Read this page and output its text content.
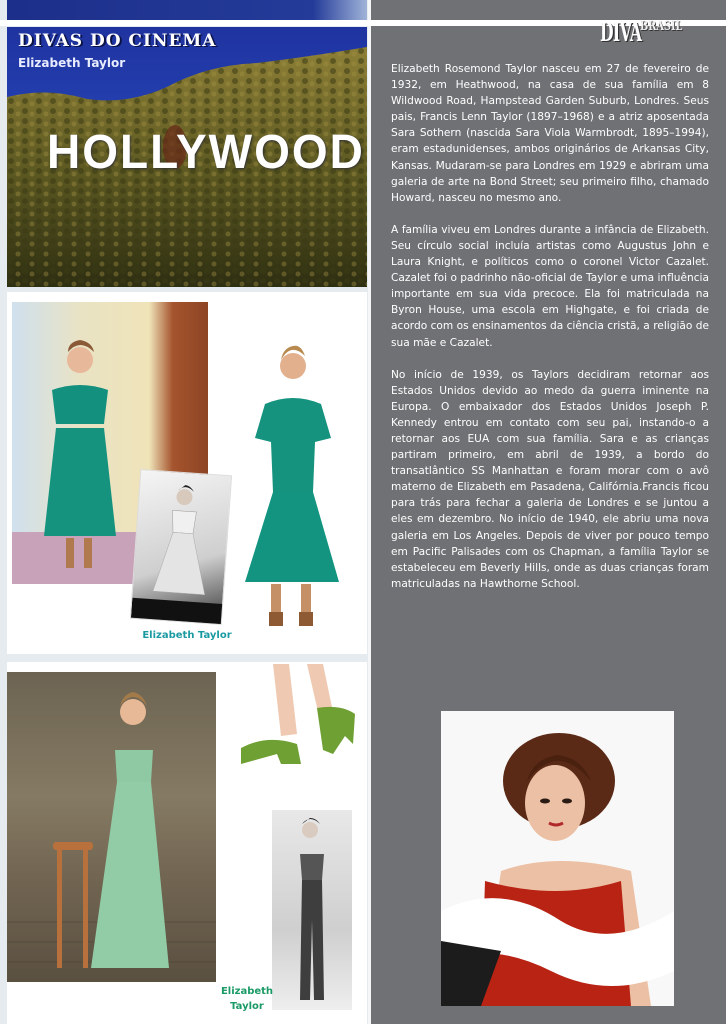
DIVAS DO CINEMA
Elizabeth Taylor
HOLLYWOOD
Elizabeth Taylor
Elizabeth
Taylor
DIVA
BRASIL

Elizabeth Rosemond Taylor nasceu em 27 de fevereiro de 1932, em Heathwood, na casa de sua família em 8 Wildwood Road, Hampstead Garden Suburb, Londres. Seus pais, Francis Lenn Taylor (1897–1968) e a atriz aposentada Sara Sothern (nascida Sara Viola Warmbrodt, 1895–1994), eram estadunidenses, ambos originários de Arkansas City, Kansas. Mudaram-se para Londres em 1929 e abriram uma galeria de arte na Bond Street; seu primeiro filho, chamado Howard, nasceu no mesmo ano.

A família viveu em Londres durante a infância de Elizabeth. Seu círculo social incluía artistas como Augustus John e Laura Knight, e políticos como o coronel Victor Cazalet. Cazalet foi o padrinho não-oficial de Taylor e uma influência importante em sua vida precoce. Ela foi matriculada na Byron House, uma escola em Highgate, e foi criada de acordo com os ensinamentos da ciência cristã, a religião de sua mãe e Cazalet.

No início de 1939, os Taylors decidiram retornar aos Estados Unidos devido ao medo da guerra iminente na Europa. O embaixador dos Estados Unidos Joseph P. Kennedy entrou em contato com seu pai, instando-o a retornar aos EUA com sua família. Sara e as crianças partiram primeiro, em abril de 1939, a bordo do transatlântico SS Manhattan e foram morar com o avô materno de Elizabeth em Pasadena, Califórnia.Francis ficou para trás para fechar a galeria de Londres e se juntou a eles em dezembro. No início de 1940, ele abriu uma nova galeria em Los Angeles. Depois de viver por pouco tempo em Pacific Palisades com os Chapman, a família Taylor se estabeleceu em Beverly Hills, onde as duas crianças foram matriculadas na Hawthorne School.
